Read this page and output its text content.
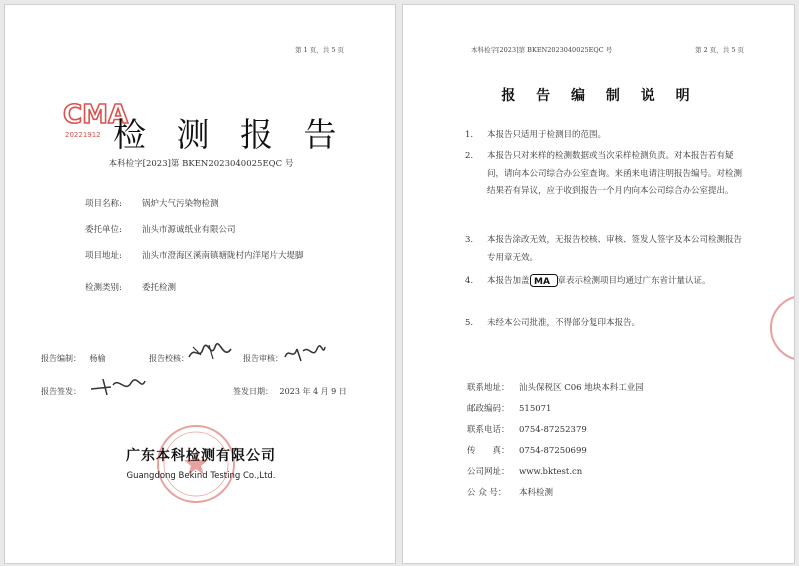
第 1 页，共 5 页
CMA
20221912 检 测 报 告
本科检字[2023]第 BKEN2023040025EQC 号
项目名称: 锅炉大气污染物检测
委托单位: 汕头市源诚纸业有限公司
项目地址: 汕头市澄海区溪南镇塘陇村内洋尾片大堤脚
检测类别: 委托检测
报告编制： 杨榆	报告校核：	报告审核：
报告签发：	签发日期： 2023 年 4 月 9 日
广东本科检测有限公司
Guangdong Bekind Testing Co.,Ltd.
本科检字[2023]第 BKEN2023040025EQC 号	第 2 页，共 5 页
报 告 编 制 说 明
1. 本报告只适用于检测目的范围。
2. 本报告只对来样的检测数据或当次采样检测负责。对本报告若有疑问，请向本公司综合办公室查询。来函来电请注明报告编号。对检测结果若有异议，应于收到报告一个月内向本公司综合办公室提出。
3. 本报告涂改无效，无报告校核、审核、签发人签字及本公司检测报告专用章无效。
4. 本报告加盖 MA 章表示检测项目均通过广东省计量认证。
5. 未经本公司批准，不得部分复印本报告。
联系地址： 汕头保税区 C06 地块本科工业园
邮政编码： 515071
联系电话： 0754-87252379
传　　真： 0754-87250699
公司网址： www.bktest.cn
公 众 号： 本科检测
